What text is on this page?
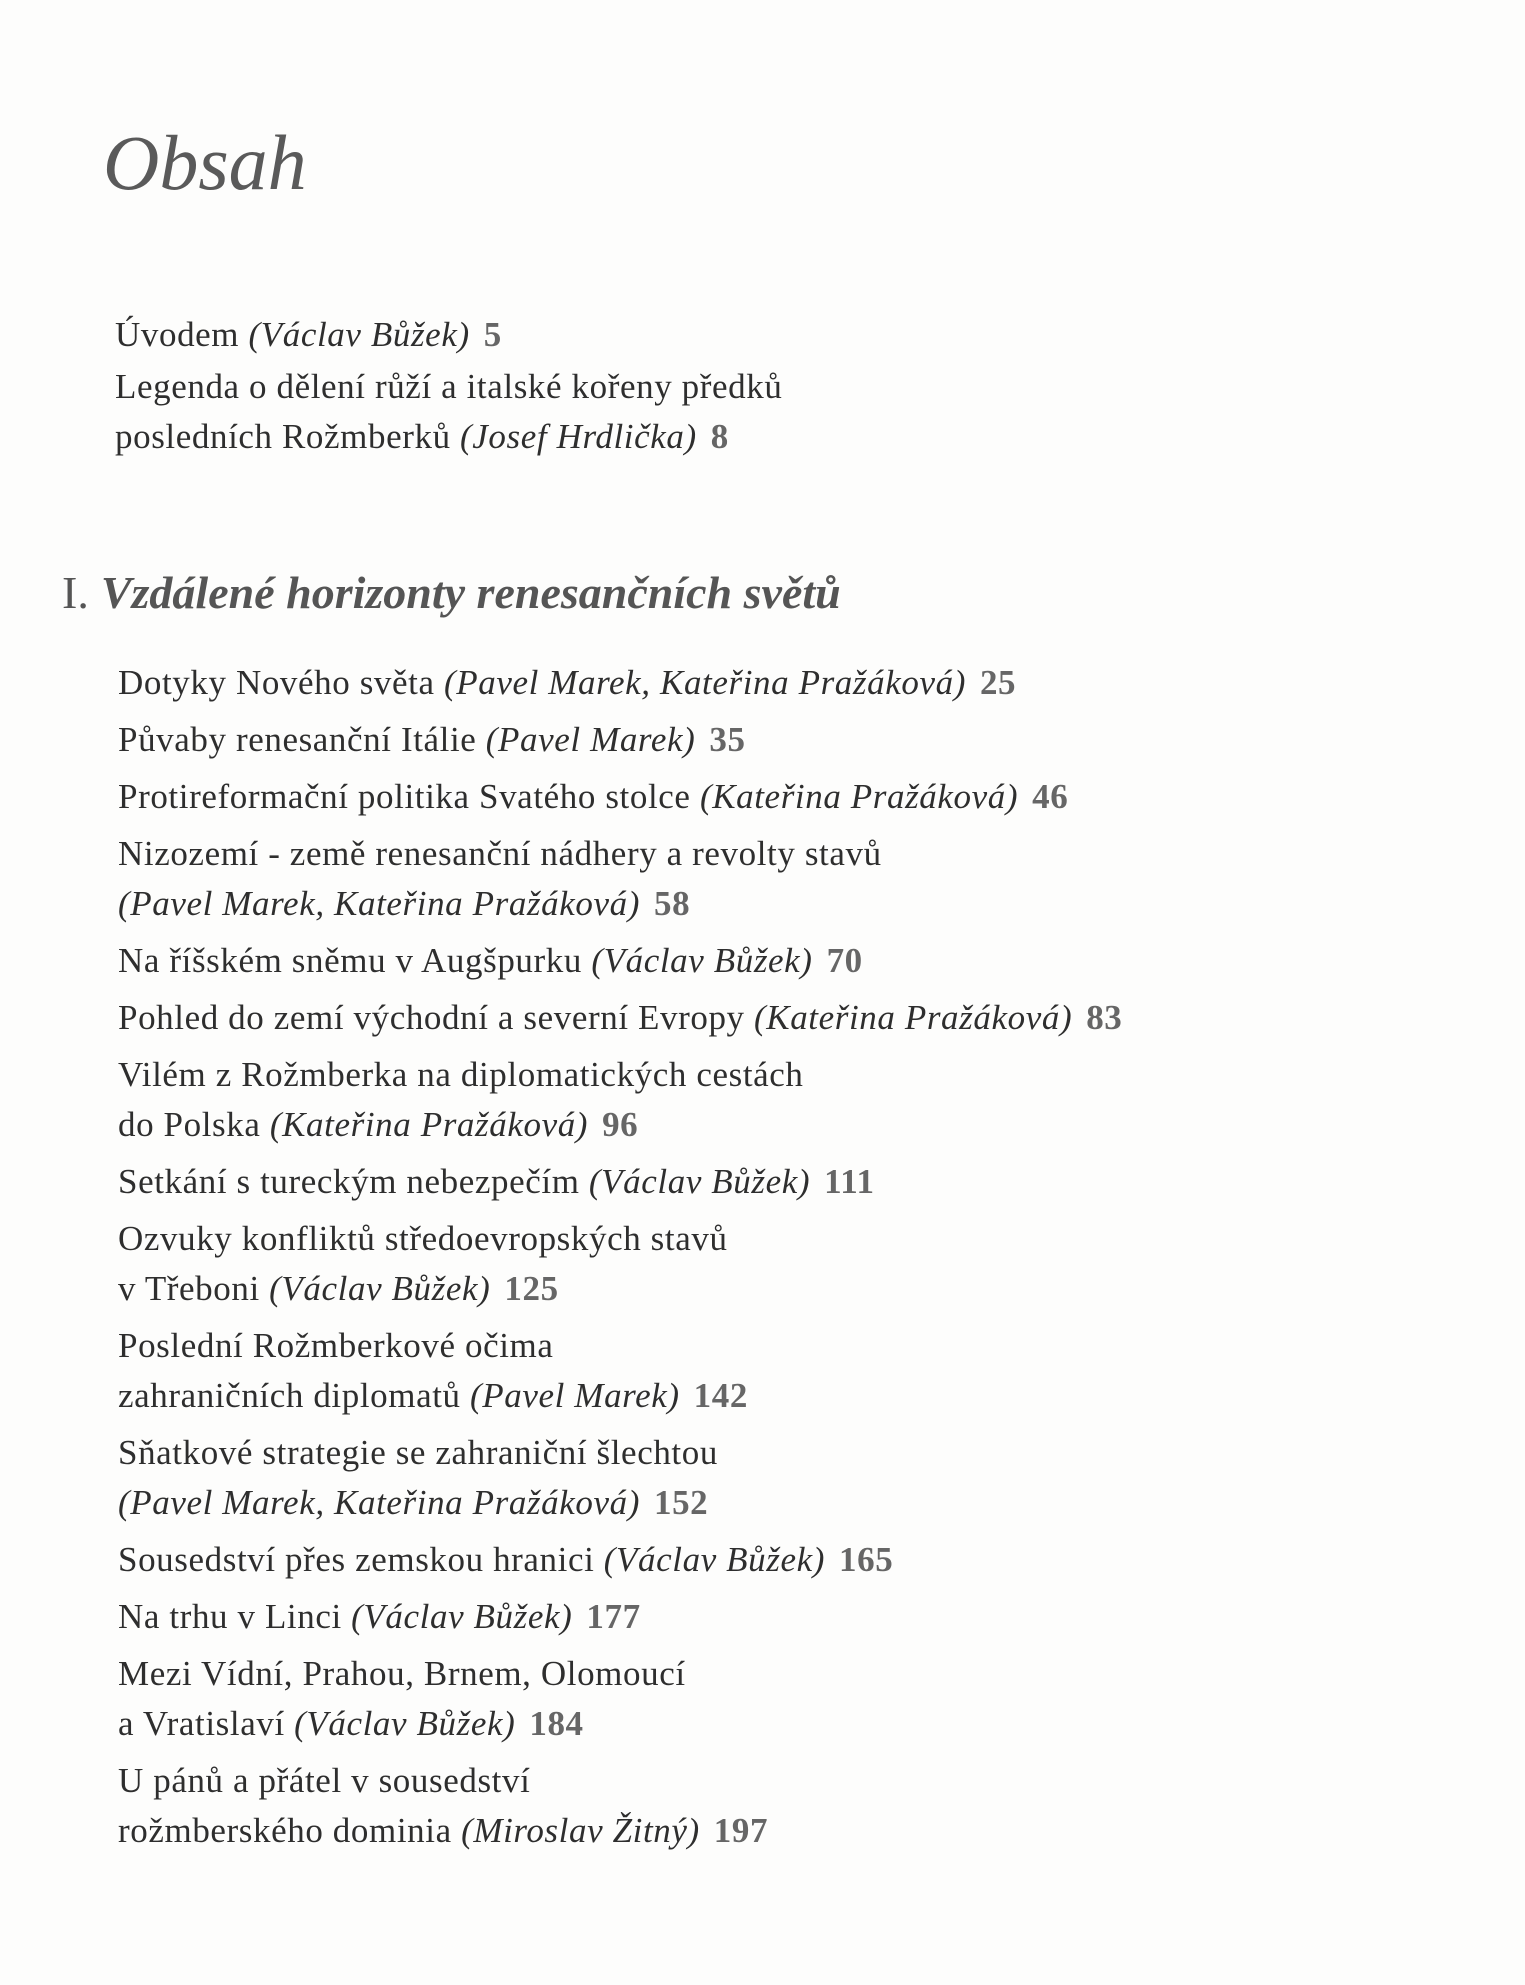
Obsah
Úvodem (Václav Bůžek) 5
Legenda o dělení růží a italské kořeny předků
posledních Rožmberků (Josef Hrdlička) 8
I. Vzdálené horizonty renesančních světů
Dotyky Nového světa (Pavel Marek, Kateřina Pražáková) 25
Půvaby renesanční Itálie (Pavel Marek) 35
Protireformační politika Svatého stolce (Kateřina Pražáková) 46
Nizozemí - země renesanční nádhery a revolty stavů
(Pavel Marek, Kateřina Pražáková) 58
Na říšském sněmu v Augšpurku (Václav Bůžek) 70
Pohled do zemí východní a severní Evropy (Kateřina Pražáková) 83
Vilém z Rožmberka na diplomatických cestách
do Polska (Kateřina Pražáková) 96
Setkání s tureckým nebezpečím (Václav Bůžek) 111
Ozvuky konfliktů středoevropských stavů
v Třeboni (Václav Bůžek) 125
Poslední Rožmberkové očima
zahraničních diplomatů (Pavel Marek) 142
Sňatkové strategie se zahraniční šlechtou
(Pavel Marek, Kateřina Pražáková) 152
Sousedství přes zemskou hranici (Václav Bůžek) 165
Na trhu v Linci (Václav Bůžek) 177
Mezi Vídní, Prahou, Brnem, Olomoucí
a Vratislaví (Václav Bůžek) 184
U pánů a přátel v sousedství
rožmberského dominia (Miroslav Žitný) 197
